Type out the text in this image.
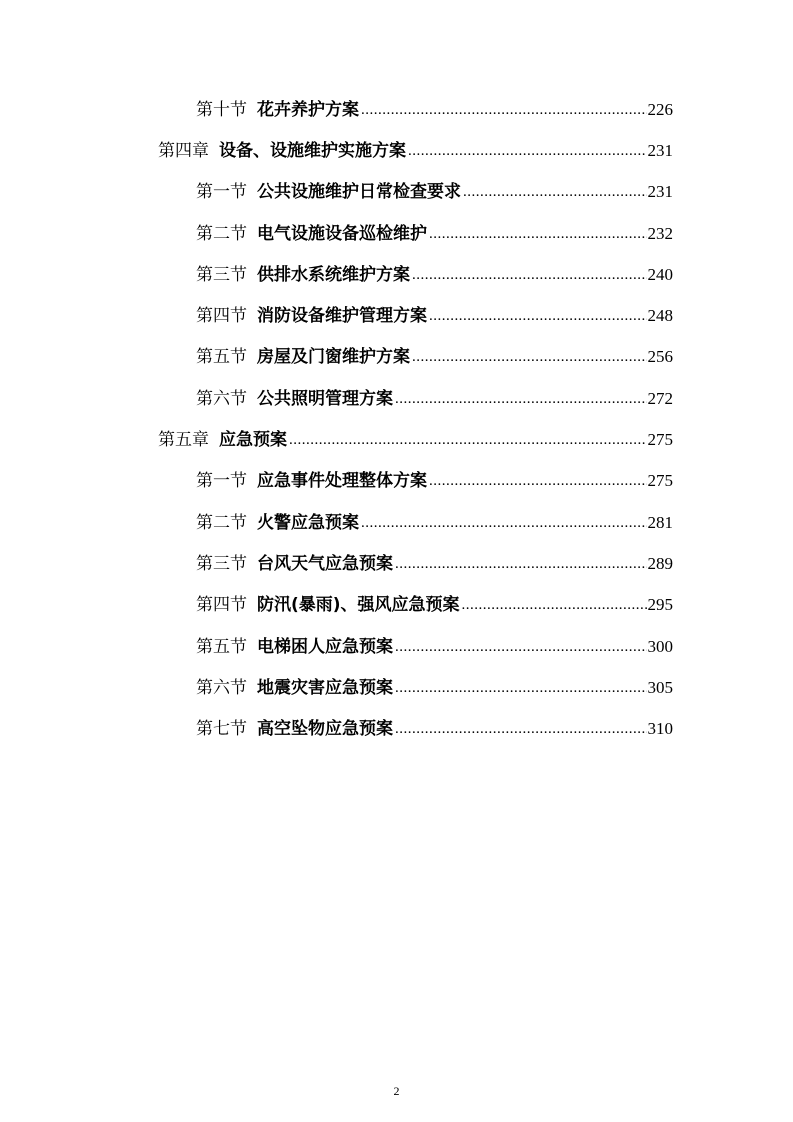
第十节 花卉养护方案 .....	226
第四章 设备、设施维护实施方案 .....	231
第一节 公共设施维护日常检查要求 .....	231
第二节 电气设施设备巡检维护 .....	232
第三节 供排水系统维护方案 .....	240
第四节 消防设备维护管理方案 .....	248
第五节 房屋及门窗维护方案 .....	256
第六节 公共照明管理方案 .....	272
第五章 应急预案 .....	275
第一节 应急事件处理整体方案 .....	275
第二节 火警应急预案 .....	281
第三节 台风天气应急预案 .....	289
第四节 防汛(暴雨)、强风应急预案 .....	295
第五节 电梯困人应急预案 .....	300
第六节 地震灾害应急预案 .....	305
第七节 高空坠物应急预案 .....	310
2
